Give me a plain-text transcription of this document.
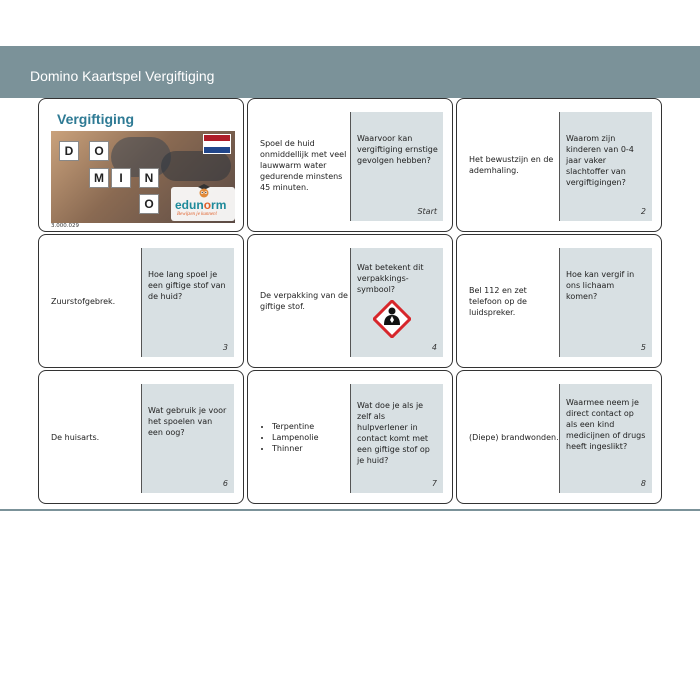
Domino Kaartspel Vergiftiging
D	O
M	I	N
O	edunorm
Bewijzen je kunnen!
Vergiftiging
3.000.029
Spoel de huid onmiddellijk met veel lauwwarm water gedurende minstens 45 minuten.
Waarvoor kan vergiftiging ernstige gevolgen hebben?
Start
Het bewustzijn en de ademhaling.
Waarom zijn kinderen van 0-4 jaar vaker slachtoffer van vergiftigingen?
2
Zuurstofgebrek.
Hoe lang spoel je een giftige stof van de huid?
3
De verpakking van de giftige stof.
Wat betekent dit verpakkings-symbool?
4
Bel 112 en zet telefoon op de luidspreker.
Hoe kan vergif in ons lichaam komen?
5
De huisarts.
Wat gebruik je voor het spoelen van een oog?
6
• Terpentine
• Lampenolie
• Thinner
Wat doe je als je zelf als hulpverlener in contact komt met een giftige stof op je huid?
7
(Diepe) brandwonden.
Waarmee neem je direct contact op als een kind medicijnen of drugs heeft ingeslikt?
8
